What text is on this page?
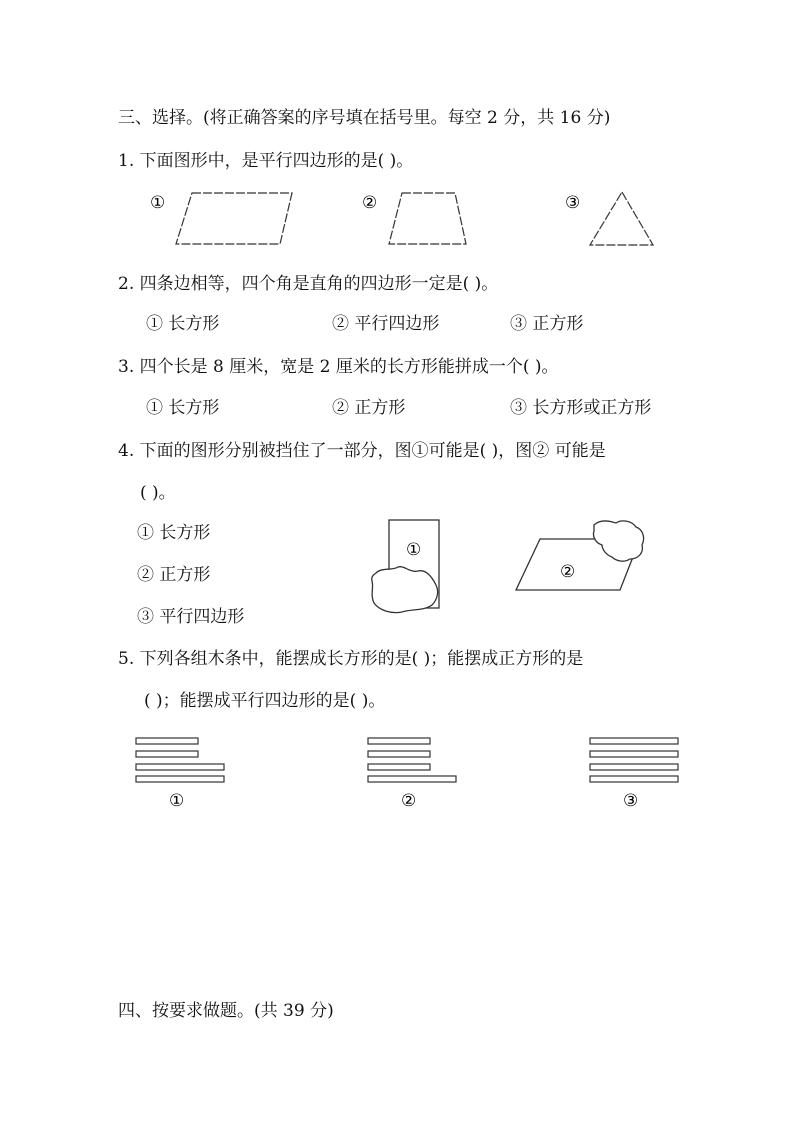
三、选择。(将正确答案的序号填在括号里。每空 2 分，共 16 分)
1. 下面图形中，是平行四边形的是( )。
①	②	③
2. 四条边相等，四个角是直角的四边形一定是( )。
① 长方形	② 平行四边形	③ 正方形
3. 四个长是 8 厘米，宽是 2 厘米的长方形能拼成一个( )。
① 长方形	② 正方形	③ 长方形或正方形
4. 下面的图形分别被挡住了一部分，图①可能是( )，图② 可能是
( )。
① 长方形
② 正方形
③ 平行四边形
①
②
5. 下列各组木条中，能摆成长方形的是( )；能摆成正方形的是
( )；能摆成平行四边形的是( )。
①	②	③
四、按要求做题。(共 39 分)
